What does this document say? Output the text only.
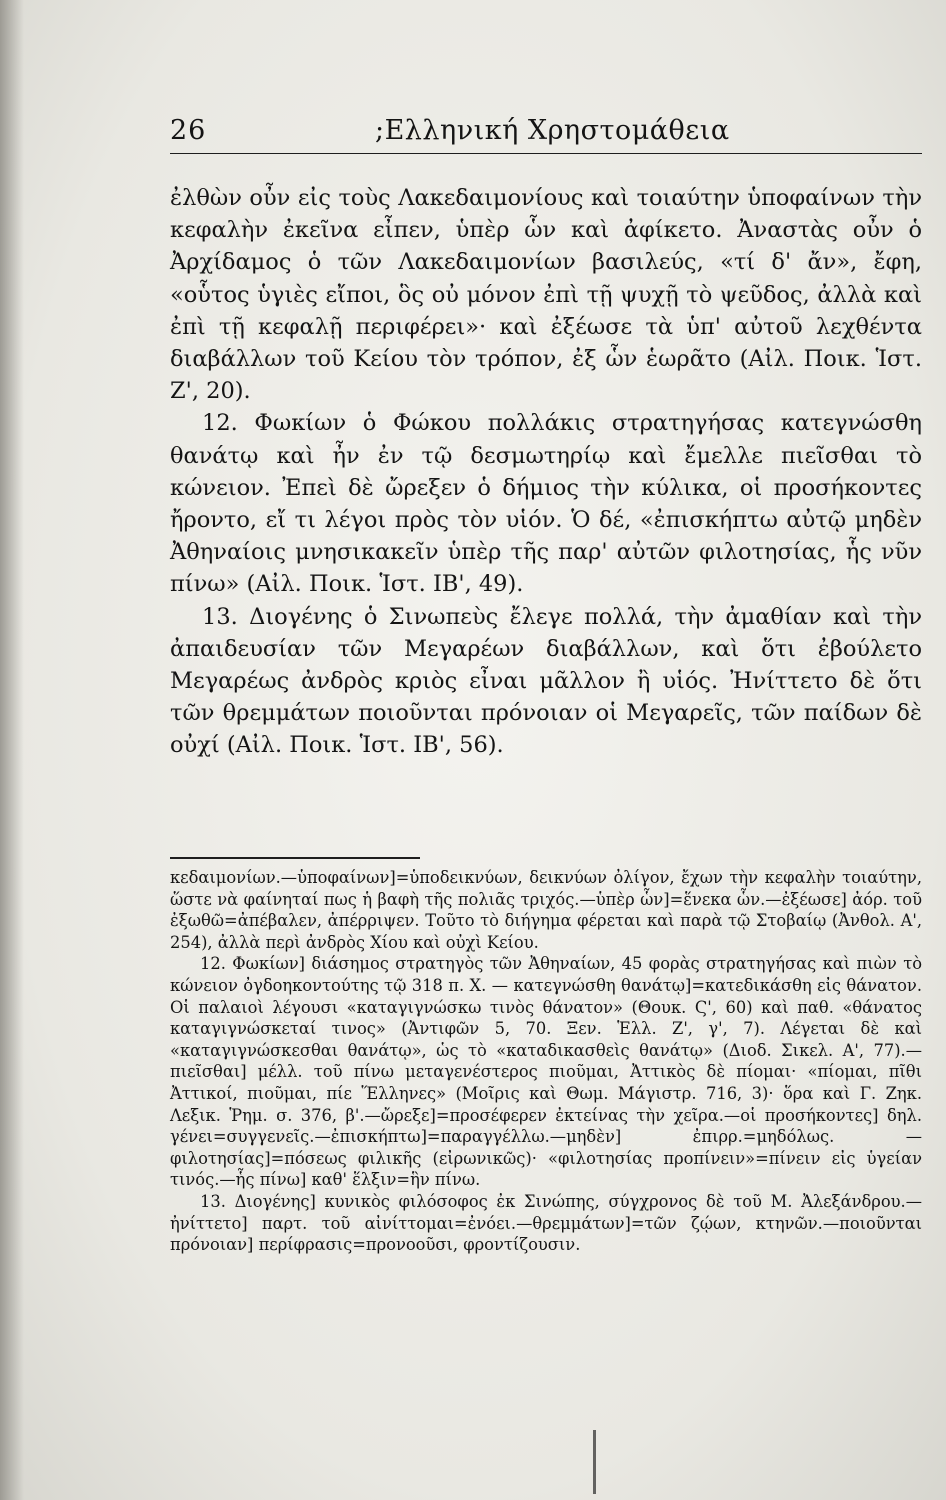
26	;Ελληνική Χρηστομάθεια

ἐλθὼν οὖν εἰς τοὺς Λακεδαιμονίους καὶ τοιαύτην ὑποφαίνων τὴν κεφαλὴν ἐκεῖνα εἶπεν, ὑπὲρ ὧν καὶ ἀφίκετο. Ἀναστὰς οὖν ὁ Ἀρχίδαμος ὁ τῶν Λακεδαιμονίων βασιλεύς, «τί δ' ἄν», ἔφη, «οὗτος ὑγιὲς εἴποι, ὃς οὐ μόνον ἐπὶ τῇ ψυχῇ τὸ ψεῦδος, ἀλλὰ καὶ ἐπὶ τῇ κεφαλῇ περιφέρει»· καὶ ἐξέωσε τὰ ὑπ' αὐτοῦ λεχθέντα διαβάλλων τοῦ Κείου τὸν τρόπον, ἐξ ὧν ἑωρᾶτο (Αἰλ. Ποικ. Ἱστ. Ζ', 20).

12. Φωκίων ὁ Φώκου πολλάκις στρατηγήσας κατεγνώσθη θανάτῳ καὶ ἦν ἐν τῷ δεσμωτηρίῳ καὶ ἔμελλε πιεῖσθαι τὸ κώνειον. Ἐπεὶ δὲ ὤρεξεν ὁ δήμιος τὴν κύλικα, οἱ προσήκοντες ἤροντο, εἴ τι λέγοι πρὸς τὸν υἱόν. Ὁ δέ, «ἐπισκήπτω αὐτῷ μηδὲν Ἀθηναίοις μνησικακεῖν ὑπὲρ τῆς παρ' αὐτῶν φιλοτησίας, ἧς νῦν πίνω» (Αἰλ. Ποικ. Ἱστ. ΙΒ', 49).

13. Διογένης ὁ Σινωπεὺς ἔλεγε πολλά, τὴν ἀμαθίαν καὶ τὴν ἀπαιδευσίαν τῶν Μεγαρέων διαβάλλων, καὶ ὅτι ἐβούλετο Μεγαρέως ἀνδρὸς κριὸς εἶναι μᾶλλον ἢ υἱός. Ἠνίττετο δὲ ὅτι τῶν θρεμμάτων ποιοῦνται πρόνοιαν οἱ Μεγαρεῖς, τῶν παίδων δὲ οὐχί (Αἰλ. Ποικ. Ἱστ. ΙΒ', 56).

κεδαιμονίων.—ὑποφαίνων]=ὑποδεικνύων, δεικνύων ὀλίγον, ἔχων τὴν κεφαλὴν τοιαύτην, ὥστε νὰ φαίνηταί πως ἡ βαφὴ τῆς πολιᾶς τριχός.—ὑπὲρ ὧν]=ἕνεκα ὧν.—ἐξέωσε] ἀόρ. τοῦ ἐξωθῶ=ἀπέβαλεν, ἀπέρριψεν. Τοῦτο τὸ διήγημα φέρεται καὶ παρὰ τῷ Στοβαίῳ (Ἀνθολ. Α', 254), ἀλλὰ περὶ ἀνδρὸς Χίου καὶ οὐχὶ Κείου.

12. Φωκίων] διάσημος στρατηγὸς τῶν Ἀθηναίων, 45 φορὰς στρατηγήσας καὶ πιὼν τὸ κώνειον ὀγδοηκοντούτης τῷ 318 π. Χ. — κατεγνώσθη θανάτῳ]=κατεδικάσθη εἰς θάνατον. Οἱ παλαιοὶ λέγουσι «καταγιγνώσκω τινὸς θάνατον» (Θουκ. Ϛ', 60) καὶ παθ. «θάνατος καταγιγνώσκεταί τινος» (Ἀντιφῶν 5, 70. Ξεν. Ἑλλ. Ζ', γ', 7). Λέγεται δὲ καὶ «καταγιγνώσκεσθαι θανάτῳ», ὡς τὸ «καταδικασθεὶς θανάτῳ» (Διοδ. Σικελ. Α', 77).—πιεῖσθαι] μέλλ. τοῦ πίνω μεταγενέστερος πιοῦμαι, Ἀττικὸς δὲ πίομαι· «πίομαι, πῖθι Ἀττικοί, πιοῦμαι, πίε Ἕλληνες» (Μοῖρις καὶ Θωμ. Μάγιστρ. 716, 3)· ὅρα καὶ Γ. Ζηκ. Λεξικ. Ῥημ. σ. 376, β'.—ὤρεξε]=προσέφερεν ἐκτείνας τὴν χεῖρα.—οἱ προσήκοντες] δηλ. γένει=συγγενεῖς.—ἐπισκήπτω]=παραγγέλλω.—μηδὲν] ἐπιρρ.=μηδόλως. — φιλοτησίας]=πόσεως φιλικῆς (εἰρωνικῶς)· «φιλοτησίας προπίνειν»=πίνειν εἰς ὑγείαν τινός.—ἧς πίνω] καθ' ἕλξιν=ἣν πίνω.

13. Διογένης] κυνικὸς φιλόσοφος ἐκ Σινώπης, σύγχρονος δὲ τοῦ Μ. Ἀλεξάνδρου.—ἠνίττετο] παρτ. τοῦ αἰνίττομαι=ἐνόει.—θρεμμάτων]=τῶν ζῴων, κτηνῶν.—ποιοῦνται πρόνοιαν] περίφρασις=προνοοῦσι, φροντίζουσιν.
